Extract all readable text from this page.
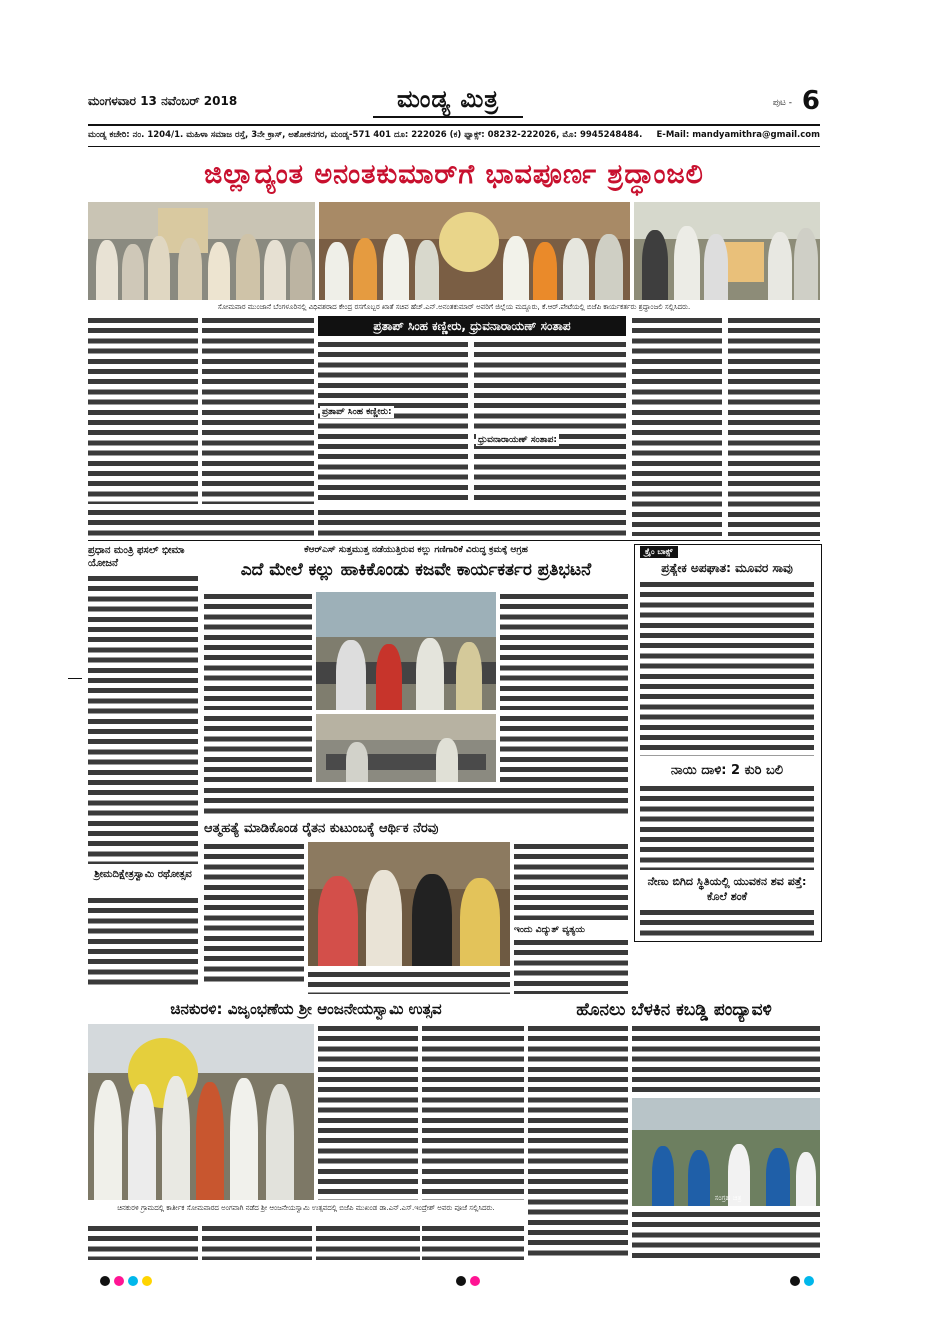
ಮಂಗಳವಾರ 13 ನವೆಂಬರ್ 2018	ಮಂಡ್ಯ ಮಿತ್ರ	ಪುಟ - 6
ಮಂಡ್ಯ ಕಚೇರಿ: ನಂ. 1204/1. ಮಹಿಳಾ ಸಮಾಜ ರಸ್ತೆ, 3ನೇ ಕ್ರಾಸ್, ಅಶೋಕನಗರ, ಮಂಡ್ಯ-571 401 ದೂ: 222026 (ಕ) ಫ್ಯಾಕ್ಸ್: 08232-222026, ಮೊ: 9945248484. E-Mail: mandyamithra@gmail.com
ಜಿಲ್ಲಾದ್ಯಂತ ಅನಂತಕುಮಾರ್‌ಗೆ ಭಾವಪೂರ್ಣ ಶ್ರದ್ಧಾಂಜಲಿ
ಸೋಮವಾರ ಮುಂಜಾನೆ ಬೆಂಗಳೂರಿನಲ್ಲಿ ವಿಧಿವಶರಾದ ಕೇಂದ್ರ ರಸಗೊಬ್ಬರ ಖಾತೆ ಸಚಿವ ಹೆಚ್.ಎನ್.ಅನಂತಕುಮಾರ್ ಅವರಿಗೆ ಜಿಲ್ಲೆಯ ಮದ್ದೂರು, ಕೆ.ಆರ್.ಪೇಟೆಯಲ್ಲಿ ಬಿಜೆಪಿ ಕಾರ್ಯಕರ್ತರು ಶ್ರದ್ಧಾಂಜಲಿ ಸಲ್ಲಿಸಿದರು.
ಪ್ರತಾಪ್ ಸಿಂಹ ಕಣ್ಣೀರು, ಧ್ರುವನಾರಾಯಣ್ ಸಂತಾಪ
ಪ್ರತಾಪ್ ಸಿಂಹ ಕಣ್ಣೀರು:
ಧ್ರುವನಾರಾಯಣ್ ಸಂತಾಪ:
ಪ್ರಧಾನ ಮಂತ್ರಿ ಫಸಲ್ ಭೀಮಾ ಯೋಜನೆ
ಶ್ರೀಮದಿಕ್ಷೇತ್ರಸ್ವಾಮಿ ರಥೋತ್ಸವ
ಕೆಆರ್‌ಎಸ್ ಸುತ್ತಮುತ್ತ ನಡೆಯುತ್ತಿರುವ ಕಲ್ಲು ಗಣಿಗಾರಿಕೆ ವಿರುದ್ಧ ಕ್ರಮಕ್ಕೆ ಆಗ್ರಹ
ಎದೆ ಮೇಲೆ ಕಲ್ಲು ಹಾಕಿಕೊಂಡು ಕಜವೇ ಕಾರ್ಯಕರ್ತರ ಪ್ರತಿಭಟನೆ
ಕ್ರೈಂ ಬಾಕ್ಸ್
ಪ್ರತ್ಯೇಕ ಅಪಘಾತ: ಮೂವರ ಸಾವು
ನಾಯಿ ದಾಳಿ: 2 ಕುರಿ ಬಲಿ
ನೇಣು ಬಿಗಿದ ಸ್ಥಿತಿಯಲ್ಲಿ ಯುವಕನ ಶವ ಪತ್ತೆ: ಕೊಲೆ ಶಂಕೆ
ಆತ್ಮಹತ್ಯೆ ಮಾಡಿಕೊಂಡ ರೈತನ ಕುಟುಂಬಕ್ಕೆ ಆರ್ಥಿಕ ನೆರವು
ಇಂದು ವಿದ್ಯುತ್ ವ್ಯತ್ಯಯ
ಹೊನಲು ಬೆಳಕಿನ ಕಬಡ್ಡಿ ಪಂದ್ಯಾವಳಿ
ಸಂಗ್ರಹ ಚಿತ್ರ
ಚಿನಕುರಳಿ: ವಿಜೃಂಭಣೆಯ ಶ್ರೀ ಆಂಜನೇಯಸ್ವಾಮಿ ಉತ್ಸವ
ಚಿನಕುರಳಿ ಗ್ರಾಮದಲ್ಲಿ ಕಾರ್ತೀಕ ಸೋಮವಾರದ ಅಂಗವಾಗಿ ನಡೆದ ಶ್ರೀ ಆಂಜನೇಯಸ್ವಾಮಿ ಉತ್ಸವದಲ್ಲಿ ಬಿಜೆಪಿ ಮುಖಂಡ ಡಾ.ಎನ್.ಎಸ್.ಇಂದ್ರೇಶ್ ಅವರು ಪೂಜೆ ಸಲ್ಲಿಸಿದರು.
